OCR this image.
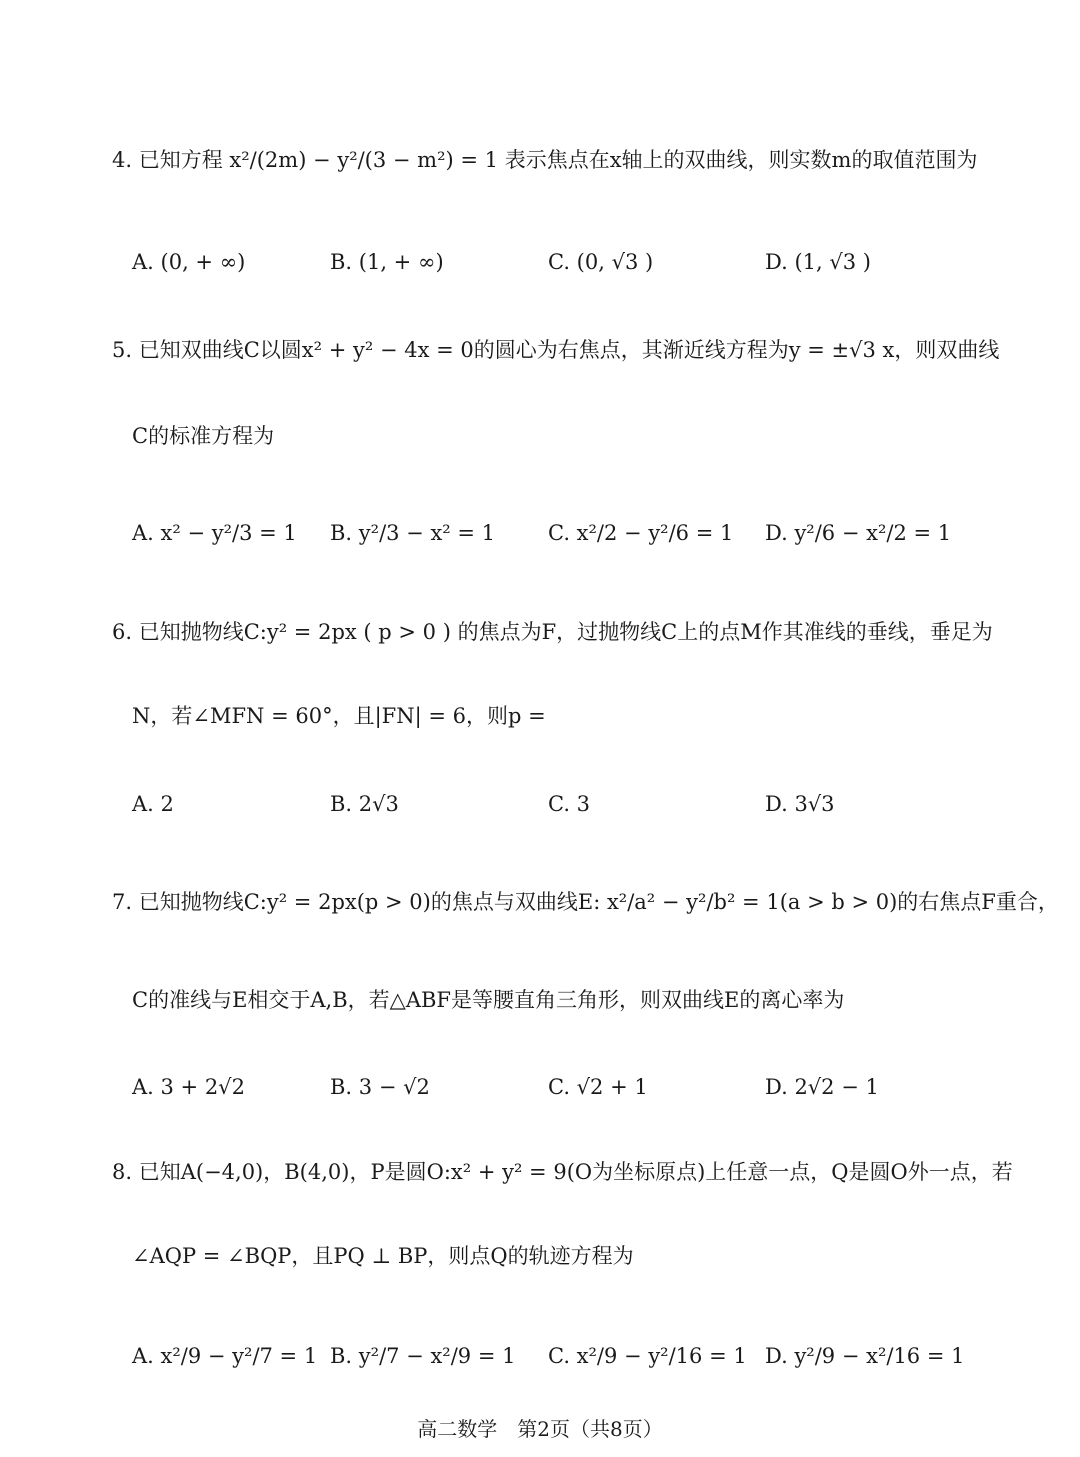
4. 已知方程 x²/(2m) − y²/(3 − m²) = 1 表示焦点在x轴上的双曲线，则实数m的取值范围为
A. (0, + ∞)	B. (1, + ∞)	C. (0, √3 )	D. (1, √3 )
5. 已知双曲线C以圆x² + y² − 4x = 0的圆心为右焦点，其渐近线方程为y = ±√3 x，则双曲线
C的标准方程为
A. x² − y²/3 = 1 B. y²/3 − x² = 1	C. x²/2 − y²/6 = 1 D. y²/6 − x²/2 = 1
6. 已知抛物线C:y² = 2px ( p > 0 ) 的焦点为F，过抛物线C上的点M作其准线的垂线，垂足为
N，若∠MFN = 60°，且|FN| = 6，则p =
A. 2	B. 2√3	C. 3	D. 3√3
7. 已知抛物线C:y² = 2px(p > 0)的焦点与双曲线E: x²/a² − y²/b² = 1(a > b > 0)的右焦点F重合，
C的准线与E相交于A,B，若△ABF是等腰直角三角形，则双曲线E的离心率为
A. 3 + 2√2	B. 3 − √2	C. √2 + 1	D. 2√2 − 1
8. 已知A(−4,0)，B(4,0)，P是圆O:x² + y² = 9(O为坐标原点)上任意一点，Q是圆O外一点，若
∠AQP = ∠BQP，且PQ ⊥ BP，则点Q的轨迹方程为
A. x²/9 − y²/7 = 1 B. y²/7 − x²/9 = 1 C. x²/9 − y²/16 = 1 D. y²/9 − x²/16 = 1
高二数学　第2页（共8页）
